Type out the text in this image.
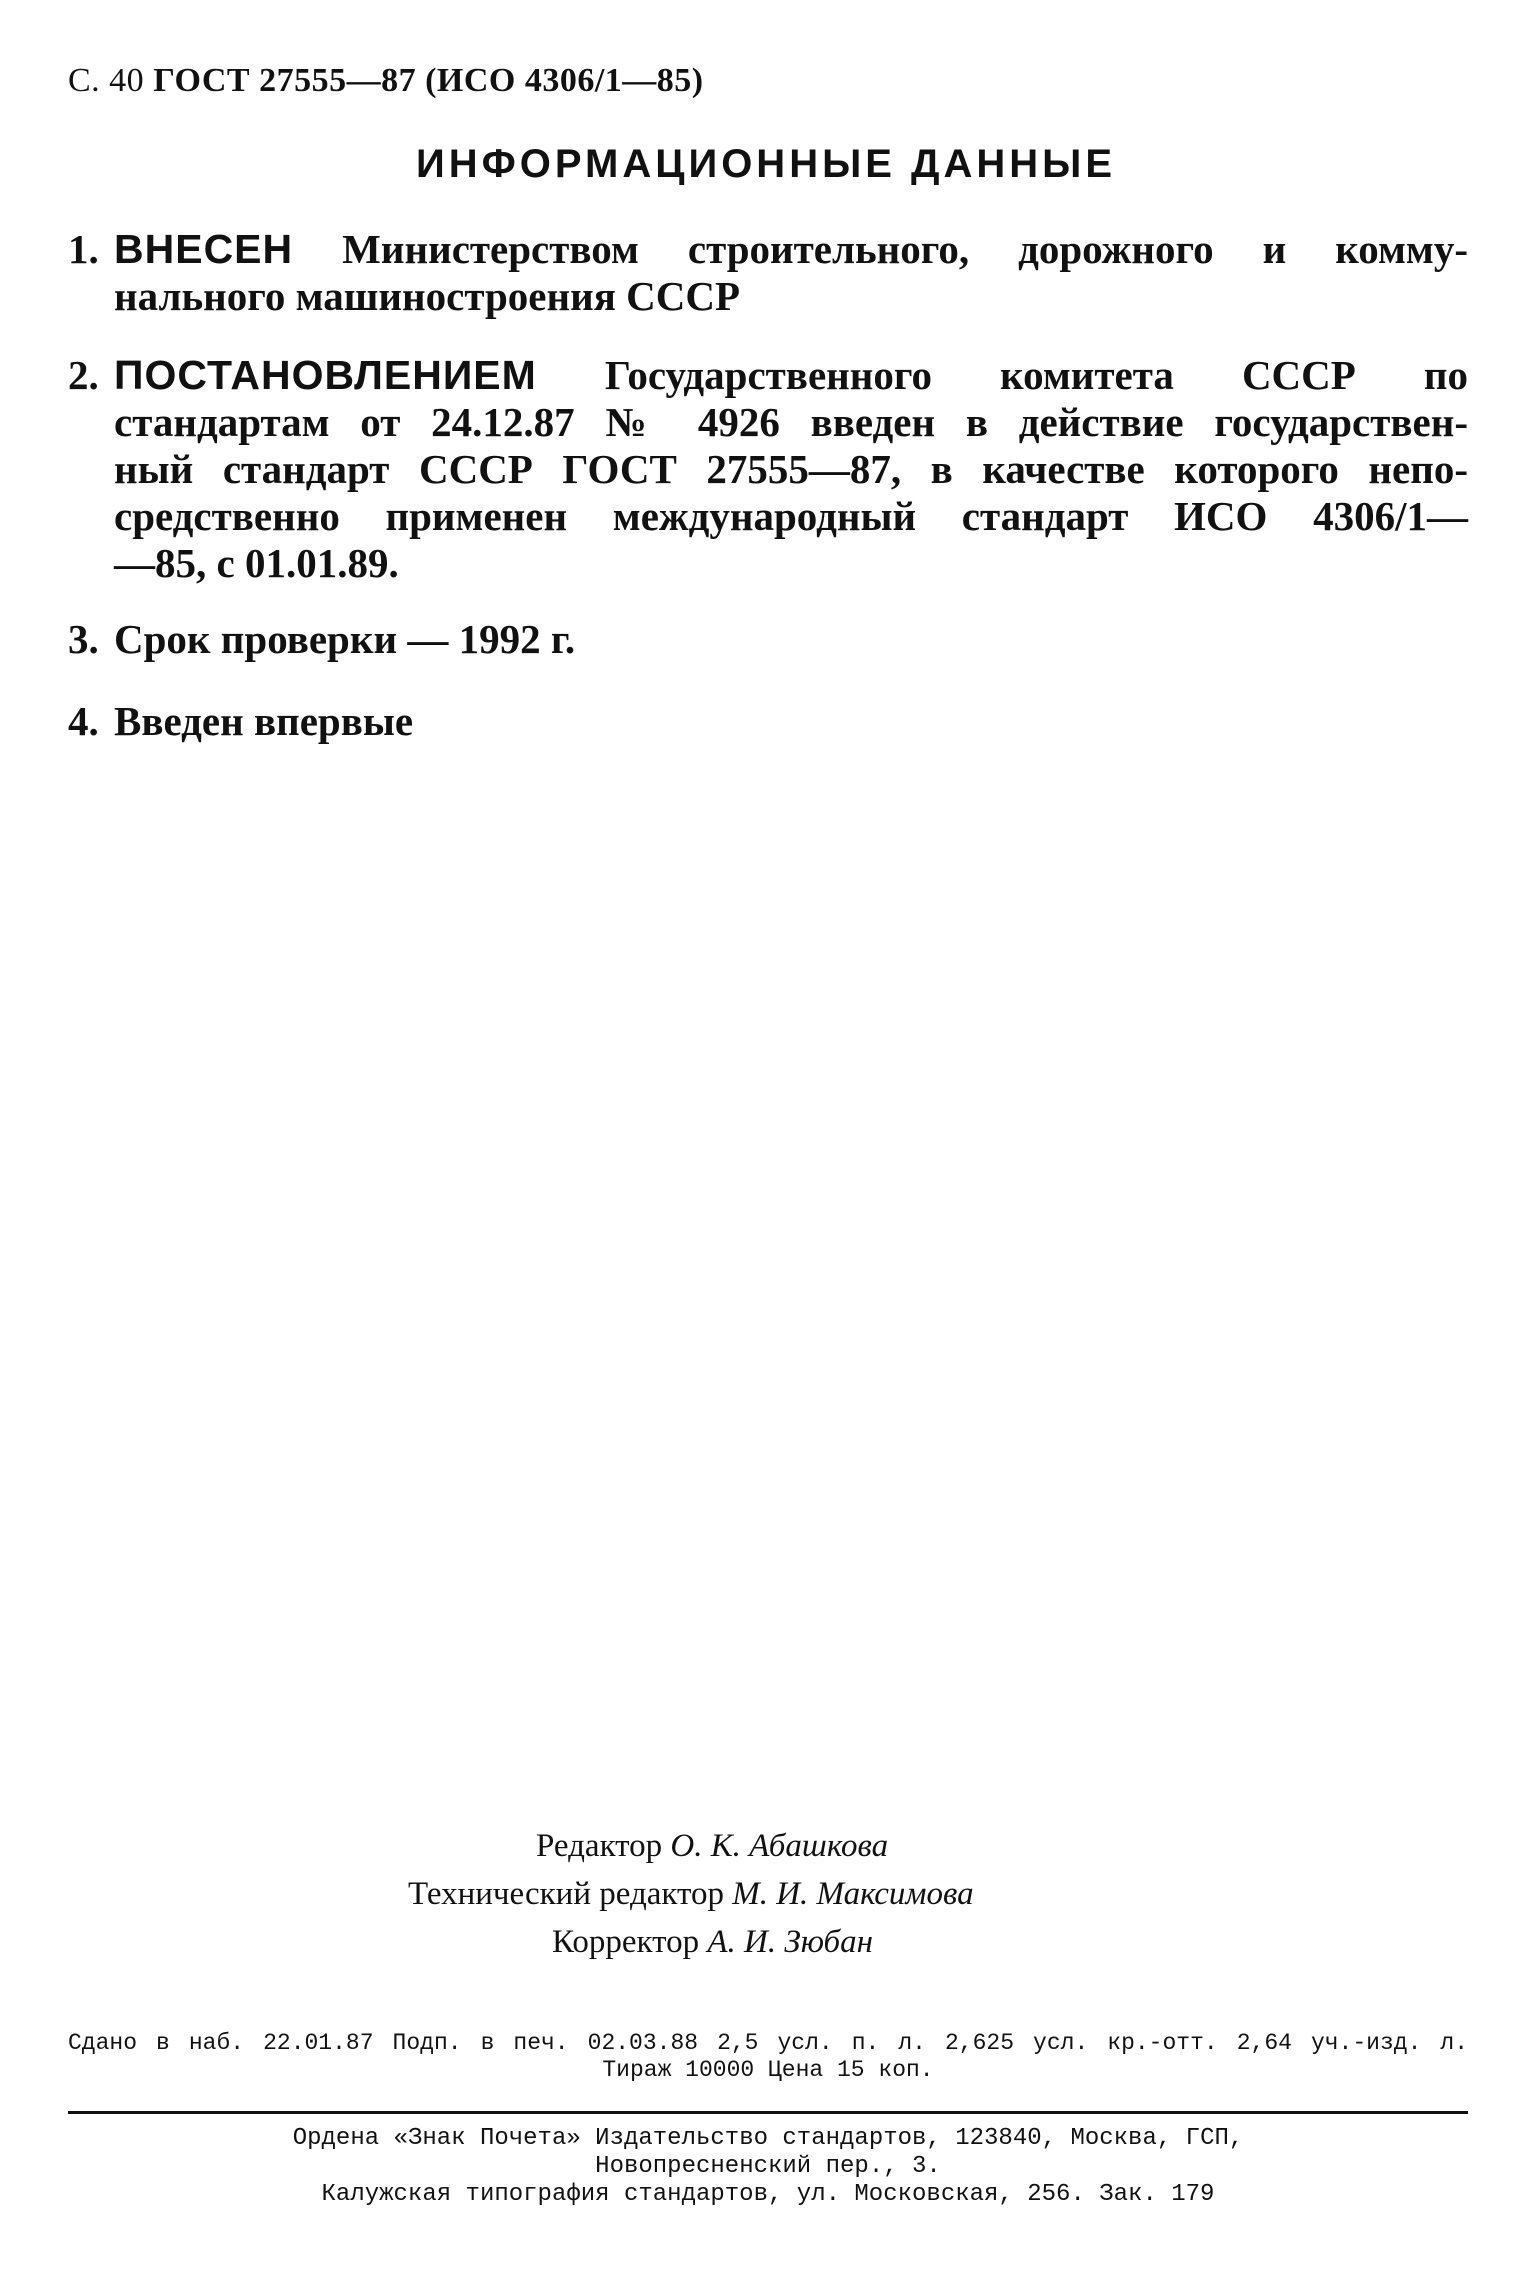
С. 40 ГОСТ 27555—87 (ИСО 4306/1—85)
ИНФОРМАЦИОННЫЕ ДАННЫЕ
1. ВНЕСЕН Министерством строительного, дорожного и комму-
нального машиностроения СССР
2. ПОСТАНОВЛЕНИЕМ Государственного комитета СССР по
стандартам от 24.12.87 № 4926 введен в действие государствен-
ный стандарт СССР ГОСТ 27555—87, в качестве которого непо-
средственно применен международный стандарт ИСО 4306/1—
—85, с 01.01.89.
3. Срок проверки — 1992 г.
4. Введен впервые
Редактор О. К. Абашкова
Технический редактор М. И. Максимова
Корректор А. И. Зюбан
Сдано в наб. 22.01.87 Подп. в печ. 02.03.88 2,5 усл. п. л. 2,625 усл. кр.-отт. 2,64 уч.-изд. л.
Тираж 10000 Цена 15 коп.
Ордена «Знак Почета» Издательство стандартов, 123840, Москва, ГСП,
Новопресненский пер., 3.
Калужская типография стандартов, ул. Московская, 256. Зак. 179
